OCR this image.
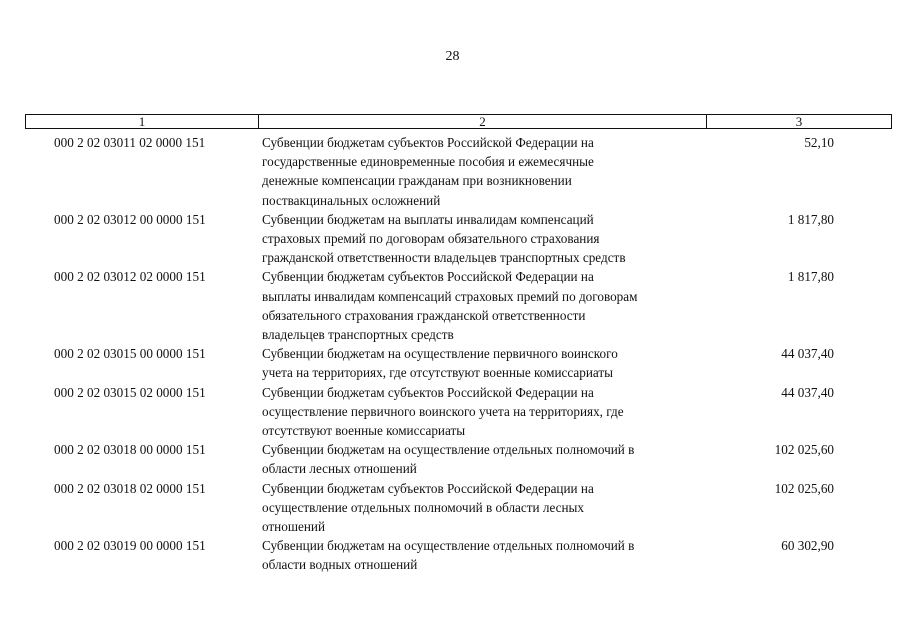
28
1	2	3
000 2 02 03011 02 0000 151	Субвенции бюджетам субъектов Российской Федерации на
государственные единовременные пособия и ежемесячные
денежные компенсации гражданам при возникновении
поствакцинальных осложнений
52,10
000 2 02 03012 00 0000 151	Субвенции бюджетам на выплаты инвалидам компенсаций
страховых премий по договорам обязательного страхования
гражданской ответственности владельцев транспортных средств
1 817,80
000 2 02 03012 02 0000 151	Субвенции бюджетам субъектов Российской Федерации на
выплаты инвалидам компенсаций страховых премий по договорам
обязательного страхования гражданской ответственности
владельцев транспортных средств
1 817,80
000 2 02 03015 00 0000 151	Субвенции бюджетам на осуществление первичного воинского
учета на территориях, где отсутствуют военные комиссариаты
44 037,40
000 2 02 03015 02 0000 151	Субвенции бюджетам субъектов Российской Федерации на
осуществление первичного воинского учета на территориях, где
отсутствуют военные комиссариаты
44 037,40
000 2 02 03018 00 0000 151	Субвенции бюджетам на осуществление отдельных полномочий в
области лесных отношений
102 025,60
000 2 02 03018 02 0000 151	Субвенции бюджетам субъектов Российской Федерации на
осуществление отдельных полномочий в области лесных
отношений
102 025,60
000 2 02 03019 00 0000 151	Субвенции бюджетам на осуществление отдельных полномочий в
области водных отношений
60 302,90
